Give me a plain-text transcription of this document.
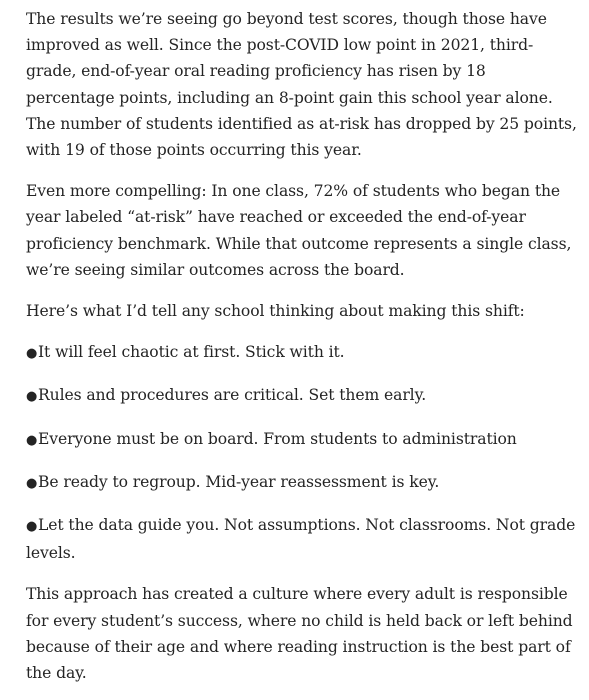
The results we’re seeing go beyond test scores, though those have improved as well. Since the post-COVID low point in 2021, third-grade, end-of-year oral reading proficiency has risen by 18 percentage points, including an 8-point gain this school year alone. The number of students identified as at-risk has dropped by 25 points, with 19 of those points occurring this year.

Even more compelling: In one class, 72% of students who began the year labeled “at-risk” have reached or exceeded the end-of-year proficiency benchmark. While that outcome represents a single class, we’re seeing similar outcomes across the board.

Here’s what I’d tell any school thinking about making this shift:

●It will feel chaotic at first. Stick with it.
●Rules and procedures are critical. Set them early.
●Everyone must be on board. From students to administration
●Be ready to regroup. Mid-year reassessment is key.
●Let the data guide you. Not assumptions. Not classrooms. Not grade levels.

This approach has created a culture where every adult is responsible for every student’s success, where no child is held back or left behind because of their age and where reading instruction is the best part of the day.
